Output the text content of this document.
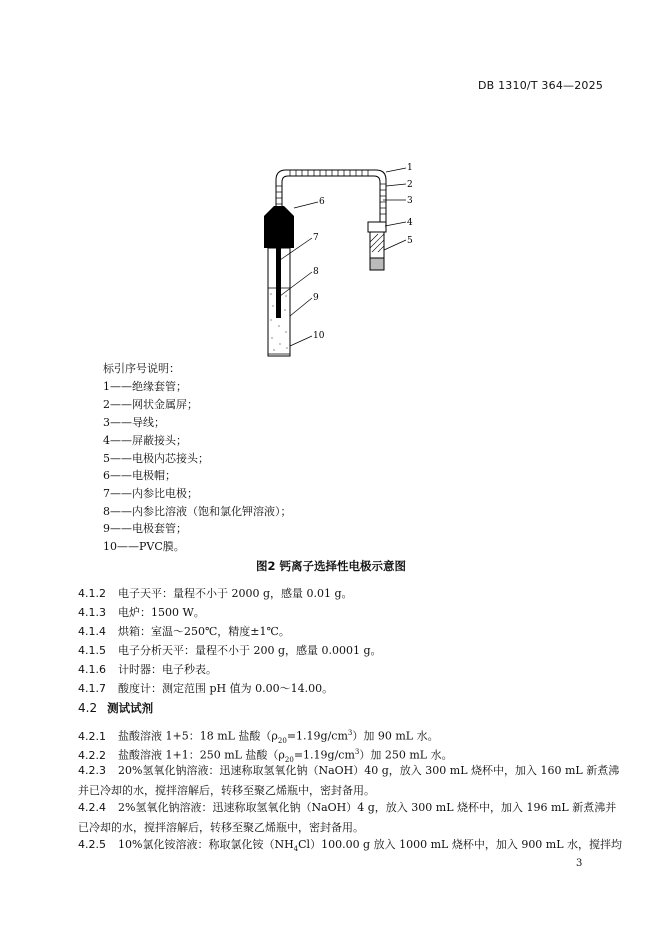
DB 1310/T 364—2025
1
2
3
4
5
6
7
8
9
10
标引序号说明：
1——绝缘套管；
2——网状金属屏；
3——导线；
4——屏蔽接头；
5——电极内芯接头；
6——电极帽；
7——内参比电极；
8——内参比溶液（饱和氯化钾溶液）；
9——电极套管；
10——PVC膜。
图2 钙离子选择性电极示意图
4.1.2 电子天平：量程不小于 2000 g，感量 0.01 g。
4.1.3 电炉：1500 W。
4.1.4 烘箱：室温～250℃，精度±1℃。
4.1.5 电子分析天平：量程不小于 200 g，感量 0.0001 g。
4.1.6 计时器：电子秒表。
4.1.7 酸度计：测定范围 pH 值为 0.00～14.00。
4.2 测试试剂
4.2.1 盐酸溶液 1+5：18 mL 盐酸$(\rho_{20}=1.19g/cm^3)$加 90 mL 水。
4.2.2 盐酸溶液 1+1：250 mL 盐酸$(\rho_{20}=1.19g/cm^3)$加 250 mL 水。
4.2.3 20%氢氧化钠溶液：迅速称取氢氧化钠（NaOH）40 g，放入 300 mL 烧杯中，加入 160 mL 新煮沸
并已冷却的水，搅拌溶解后，转移至聚乙烯瓶中，密封备用。
4.2.4 2%氢氧化钠溶液：迅速称取氢氧化钠（NaOH）4 g，放入 300 mL 烧杯中，加入 196 mL 新煮沸并
已冷却的水，搅拌溶解后，转移至聚乙烯瓶中，密封备用。
4.2.5 10%氯化铵溶液：称取氯化铵$(NH_4Cl)100.00$ g 放入 1000 mL 烧杯中，加入 900 mL 水，搅拌均
3
